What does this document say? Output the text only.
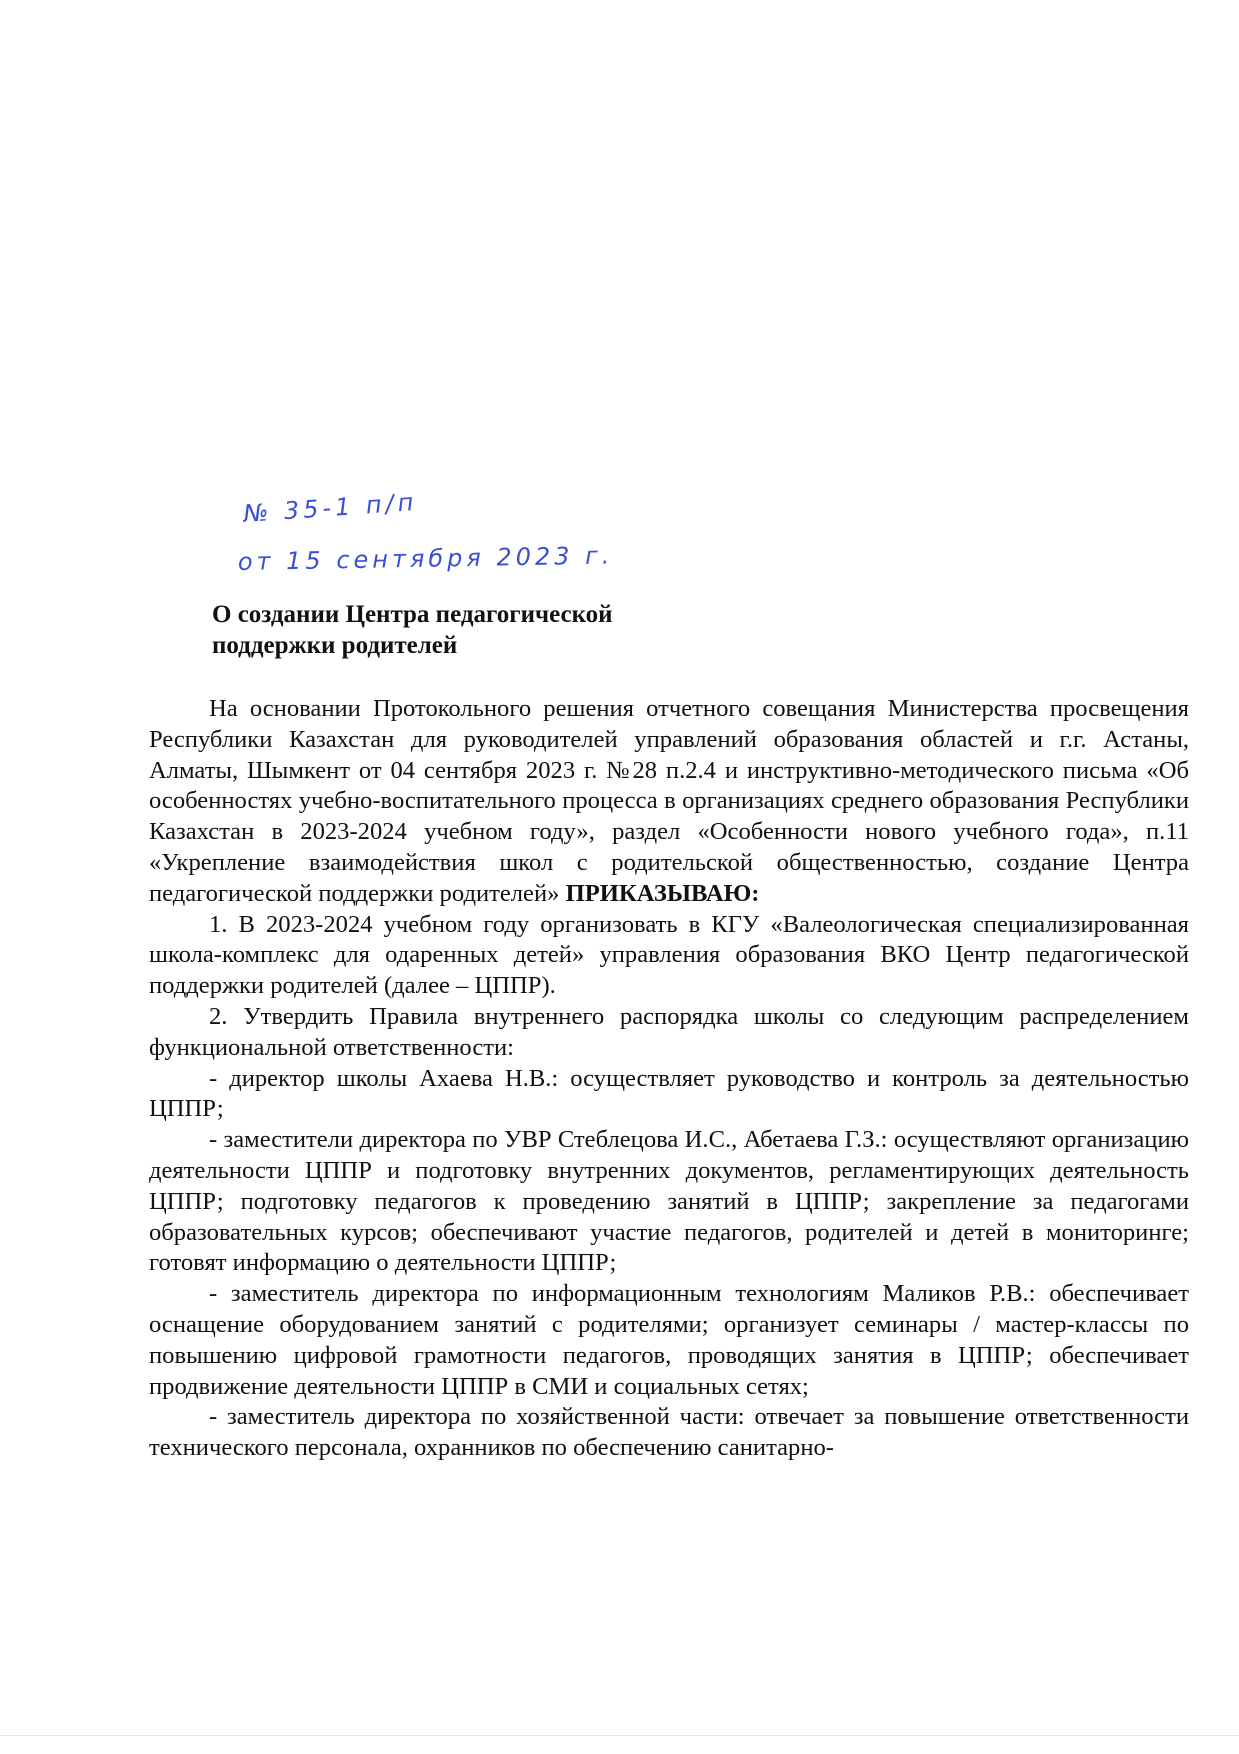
№ 35-1 п/п
от 15 сентября 2023 г.
О создании Центра педагогической
поддержки родителей

На основании Протокольного решения отчетного совещания Министерства просвещения Республики Казахстан для руководителей управлений образования областей и г.г. Астаны, Алматы, Шымкент от 04 сентября 2023 г. №28 п.2.4 и инструктивно-методического письма «Об особенностях учебно-воспитательного процесса в организациях среднего образования Республики Казахстан в 2023-2024 учебном году», раздел «Особенности нового учебного года», п.11 «Укрепление взаимодействия школ с родительской общественностью, создание Центра педагогической поддержки родителей» ПРИКАЗЫВАЮ:

1. В 2023-2024 учебном году организовать в КГУ «Валеологическая специализированная школа-комплекс для одаренных детей» управления образования ВКО Центр педагогической поддержки родителей (далее – ЦППР).

2. Утвердить Правила внутреннего распорядка школы со следующим распределением функциональной ответственности:

- директор школы Ахаева Н.В.: осуществляет руководство и контроль за деятельностью ЦППР;

- заместители директора по УВР Стеблецова И.С., Абетаева Г.З.: осуществляют организацию деятельности ЦППР и подготовку внутренних документов, регламентирующих деятельность ЦППР; подготовку педагогов к проведению занятий в ЦППР; закрепление за педагогами образовательных курсов; обеспечивают участие педагогов, родителей и детей в мониторинге; готовят информацию о деятельности ЦППР;

- заместитель директора по информационным технологиям Маликов Р.В.: обеспечивает оснащение оборудованием занятий с родителями; организует семинары / мастер-классы по повышению цифровой грамотности педагогов, проводящих занятия в ЦППР; обеспечивает продвижение деятельности ЦППР в СМИ и социальных сетях;

- заместитель директора по хозяйственной части: отвечает за повышение ответственности технического персонала, охранников по обеспечению санитарно-
